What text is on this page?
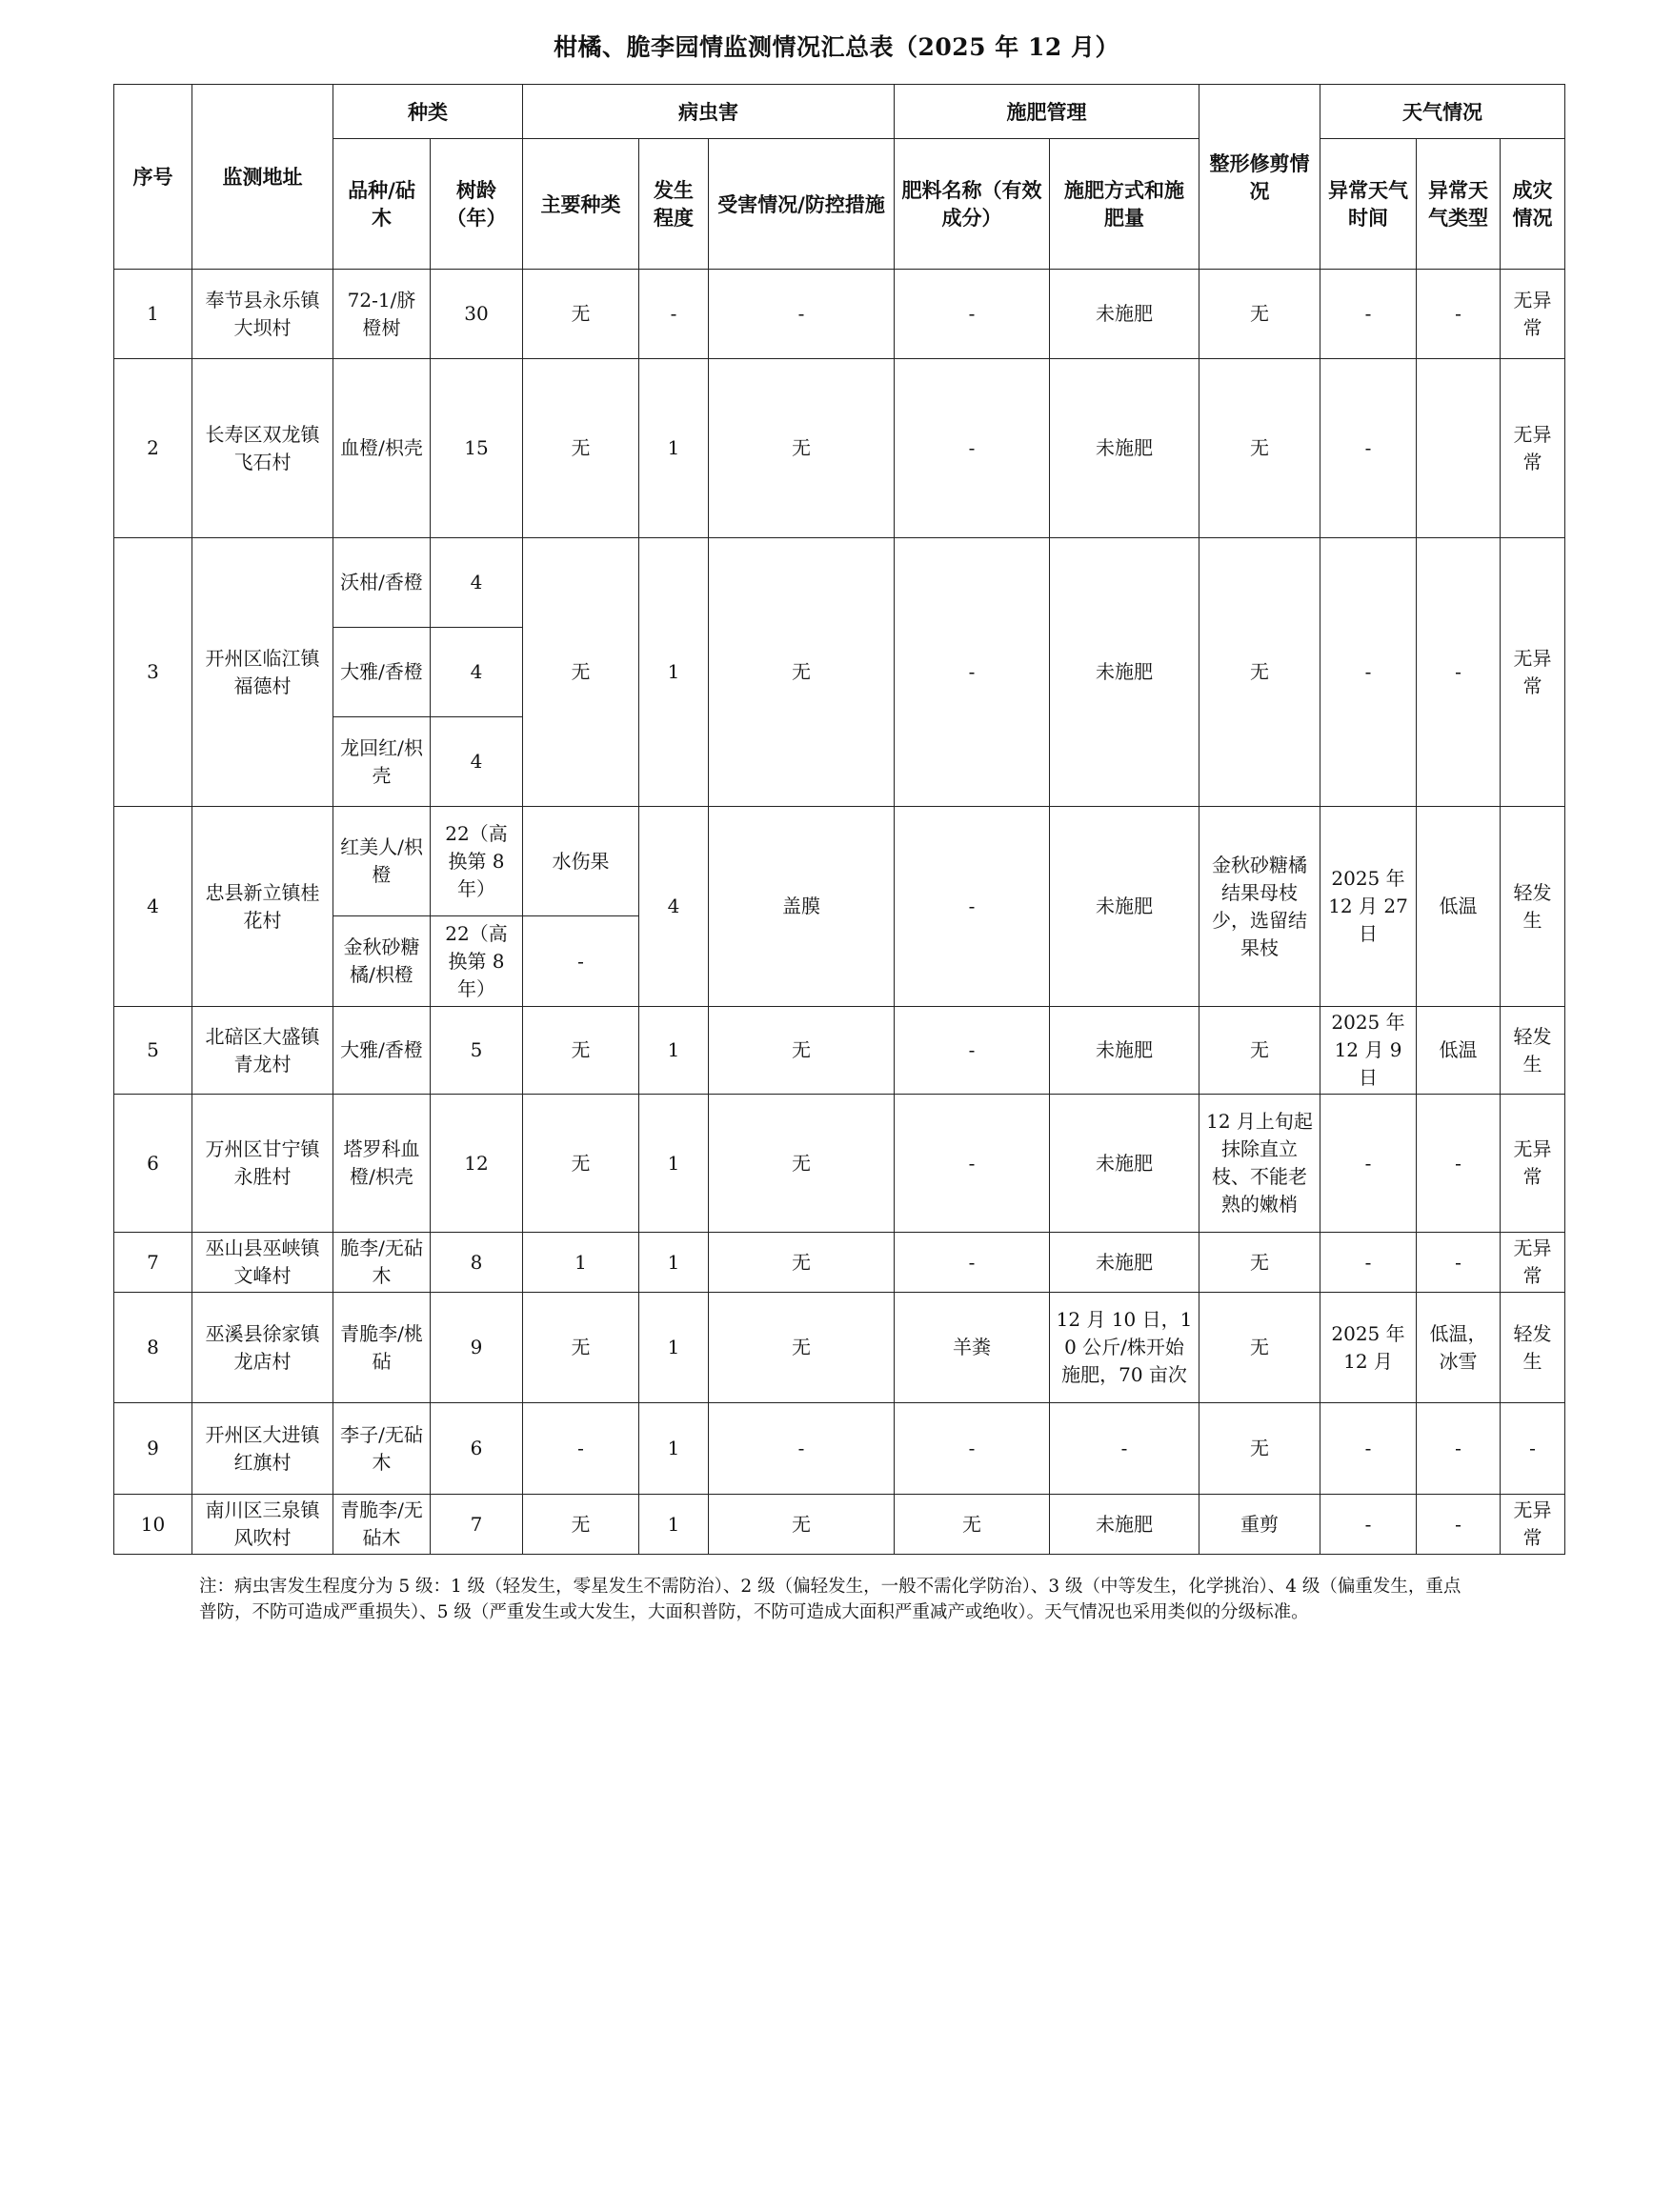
柑橘、脆李园情监测情况汇总表（2025 年 12 月）
序号	监测地址	种类		病虫害			施肥管理		整形修剪情况	天气情况		
		品种/砧木	树龄（年）	主要种类	发生程度	受害情况/防控措施	肥料名称（有效成分）	施肥方式和施肥量		异常天气时间	异常天气类型	成灾情况
1	奉节县永乐镇大坝村	72-1/脐橙树	30	无	-	-	-	未施肥	无	-	-	无异常
2	长寿区双龙镇飞石村	血橙/枳壳	15	无	1	无	-	未施肥	无	-		无异常
3	开州区临江镇福德村	沃柑/香橙	4	无	1	无	-	未施肥	无	-	-	无异常
		大雅/香橙	4									
		龙回红/枳壳	4									
4	忠县新立镇桂花村	红美人/枳橙	22（高换第 8 年）	水伤果	4	盖膜	-	未施肥	金秋砂糖橘结果母枝少，选留结果枝	2025 年 12 月 27 日	低温	轻发生
		金秋砂糖橘/枳橙	22（高换第 8 年）	-								
5	北碚区大盛镇青龙村	大雅/香橙	5	无	1	无	-	未施肥	无	2025 年 12 月 9 日	低温	轻发生
6	万州区甘宁镇永胜村	塔罗科血橙/枳壳	12	无	1	无	-	未施肥	12 月上旬起抹除直立枝、不能老熟的嫩梢	-	-	无异常
7	巫山县巫峡镇文峰村	脆李/无砧木	8	1	1	无	-	未施肥	无	-	-	无异常
8	巫溪县徐家镇龙店村	青脆李/桃砧	9	无	1	无	羊粪	12 月 10 日，10 公斤/株开始施肥，70 亩次	无	2025 年 12 月	低温，冰雪	轻发生
9	开州区大进镇红旗村	李子/无砧木	6	-	1	-	-	-	无	-	-	-
10	南川区三泉镇风吹村	青脆李/无砧木	7	无	1	无	无	未施肥	重剪	-	-	无异常
注：病虫害发生程度分为 5 级：1 级（轻发生，零星发生不需防治）、2 级（偏轻发生，一般不需化学防治）、3 级（中等发生，化学挑治）、4 级（偏重发生，重点普防，不防可造成严重损失）、5 级（严重发生或大发生，大面积普防，不防可造成大面积严重减产或绝收）。天气情况也采用类似的分级标准。
